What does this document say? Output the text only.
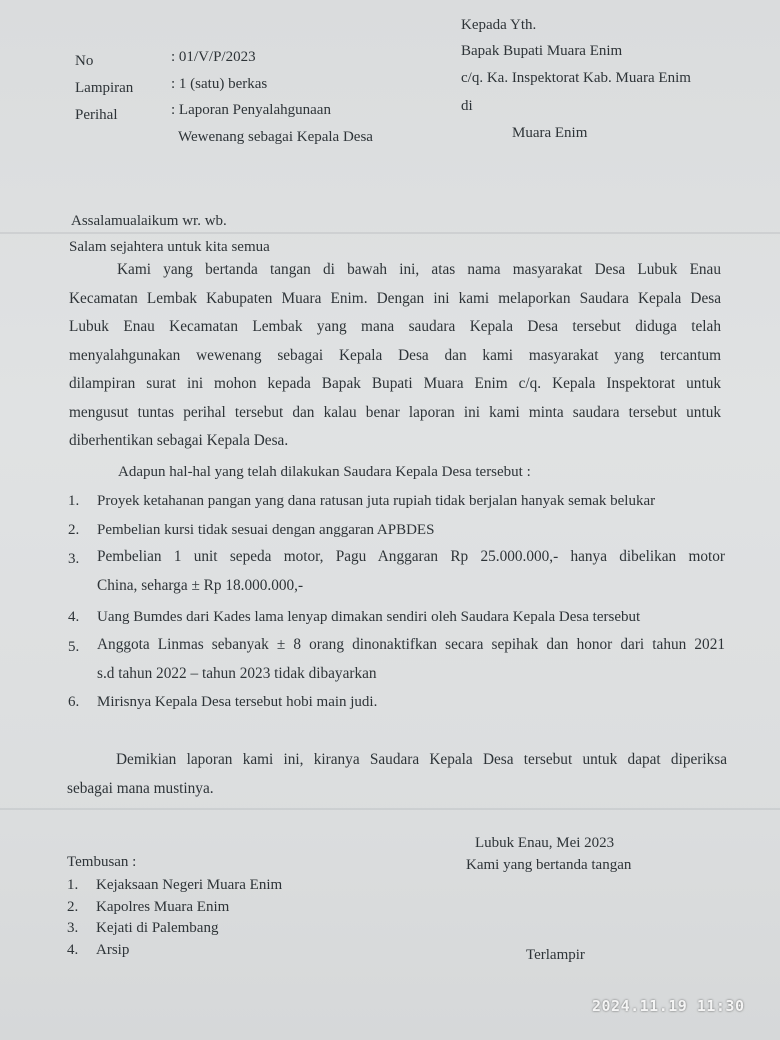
Kepada Yth.
Bapak Bupati Muara Enim
c/q. Ka. Inspektorat Kab. Muara Enim
di
Muara Enim
No	: 01/V/P/2023
Lampiran	: 1 (satu) berkas
Perihal	: Laporan Penyalahgunaan
Wewenang sebagai Kepala Desa
Assalamualaikum wr. wb.
Salam sejahtera untuk kita semua
Kami yang bertanda tangan di bawah ini, atas nama masyarakat Desa Lubuk Enau
Kecamatan Lembak Kabupaten Muara Enim. Dengan ini kami melaporkan Saudara Kepala Desa
Lubuk Enau Kecamatan Lembak yang mana saudara Kepala Desa tersebut diduga telah
menyalahgunakan wewenang sebagai Kepala Desa dan kami masyarakat yang tercantum
dilampiran surat ini mohon kepada Bapak Bupati Muara Enim c/q. Kepala Inspektorat untuk
mengusut tuntas perihal tersebut dan kalau benar laporan ini kami minta saudara tersebut untuk
diberhentikan sebagai Kepala Desa.
Adapun hal-hal yang telah dilakukan Saudara Kepala Desa tersebut :
1. Proyek ketahanan pangan yang dana ratusan juta rupiah tidak berjalan hanyak semak belukar
2. Pembelian kursi tidak sesuai dengan anggaran APBDES
3. Pembelian 1 unit sepeda motor, Pagu Anggaran Rp 25.000.000,- hanya dibelikan motor
China, seharga ± Rp 18.000.000,-
4. Uang Bumdes dari Kades lama lenyap dimakan sendiri oleh Saudara Kepala Desa tersebut
5. Anggota Linmas sebanyak ± 8 orang dinonaktifkan secara sepihak dan honor dari tahun 2021
s.d tahun 2022 – tahun 2023 tidak dibayarkan
6. Mirisnya Kepala Desa tersebut hobi main judi.
Demikian laporan kami ini, kiranya Saudara Kepala Desa tersebut untuk dapat diperiksa
sebagai mana mustinya.
Lubuk Enau, Mei 2023
Kami yang bertanda tangan
Terlampir
Tembusan :
1. Kejaksaan Negeri Muara Enim
2. Kapolres Muara Enim
3. Kejati di Palembang
4. Arsip
2024.11.19 11:30
